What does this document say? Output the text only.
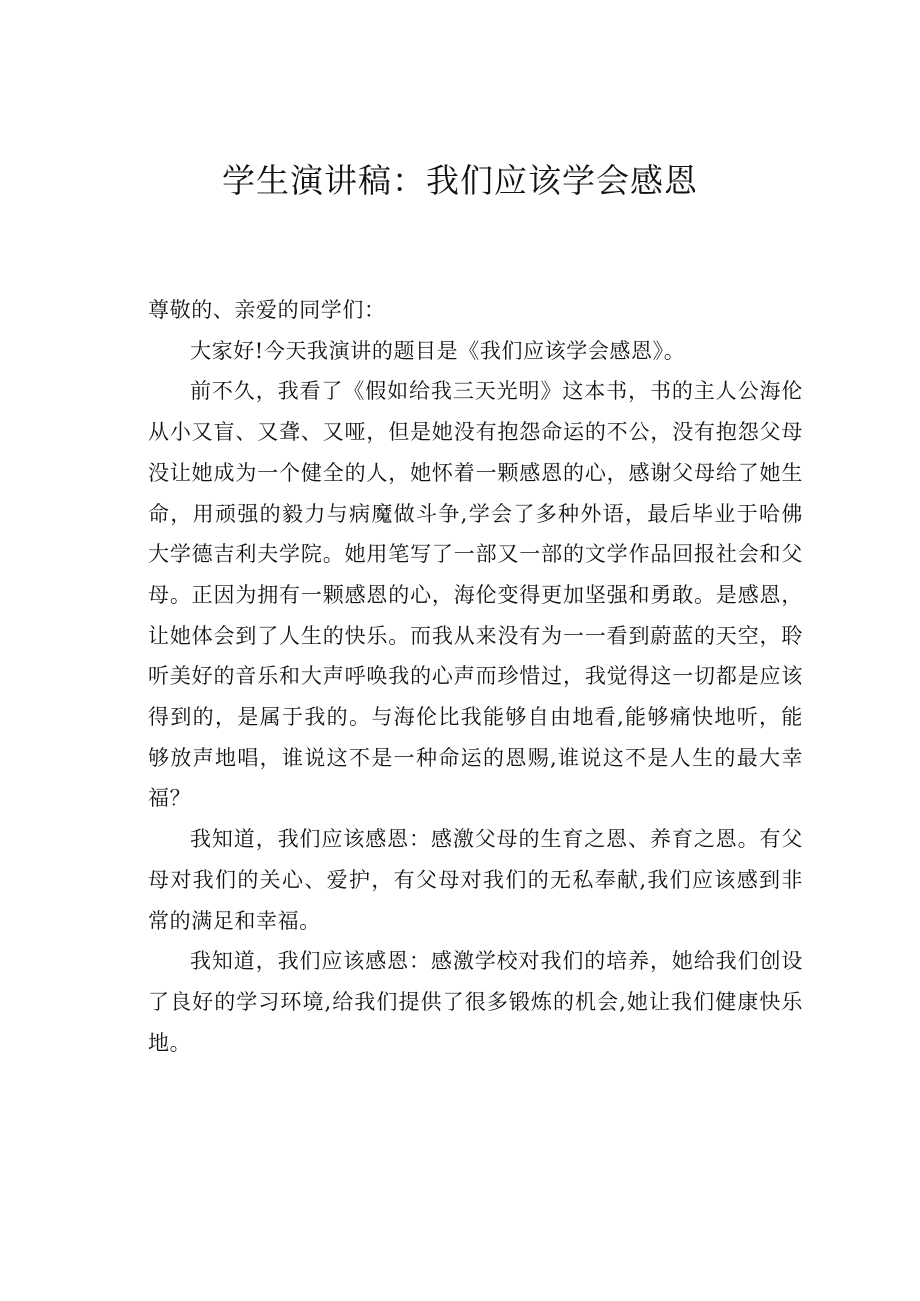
学生演讲稿：我们应该学会感恩

尊敬的、亲爱的同学们：

大家好!今天我演讲的题目是《我们应该学会感恩》。

前不久，我看了《假如给我三天光明》这本书，书的主人公海伦从小又盲、又聋、又哑，但是她没有抱怨命运的不公，没有抱怨父母没让她成为一个健全的人，她怀着一颗感恩的心，感谢父母给了她生命，用顽强的毅力与病魔做斗争,学会了多种外语，最后毕业于哈佛大学德吉利夫学院。她用笔写了一部又一部的文学作品回报社会和父母。正因为拥有一颗感恩的心，海伦变得更加坚强和勇敢。是感恩，让她体会到了人生的快乐。而我从来没有为一一看到蔚蓝的天空，聆听美好的音乐和大声呼唤我的心声而珍惜过，我觉得这一切都是应该得到的，是属于我的。与海伦比我能够自由地看,能够痛快地听，能够放声地唱，谁说这不是一种命运的恩赐,谁说这不是人生的最大幸福？

我知道，我们应该感恩：感激父母的生育之恩、养育之恩。有父母对我们的关心、爱护，有父母对我们的无私奉献,我们应该感到非常的满足和幸福。

我知道，我们应该感恩：感激学校对我们的培养，她给我们创设了良好的学习环境,给我们提供了很多锻炼的机会,她让我们健康快乐地。
